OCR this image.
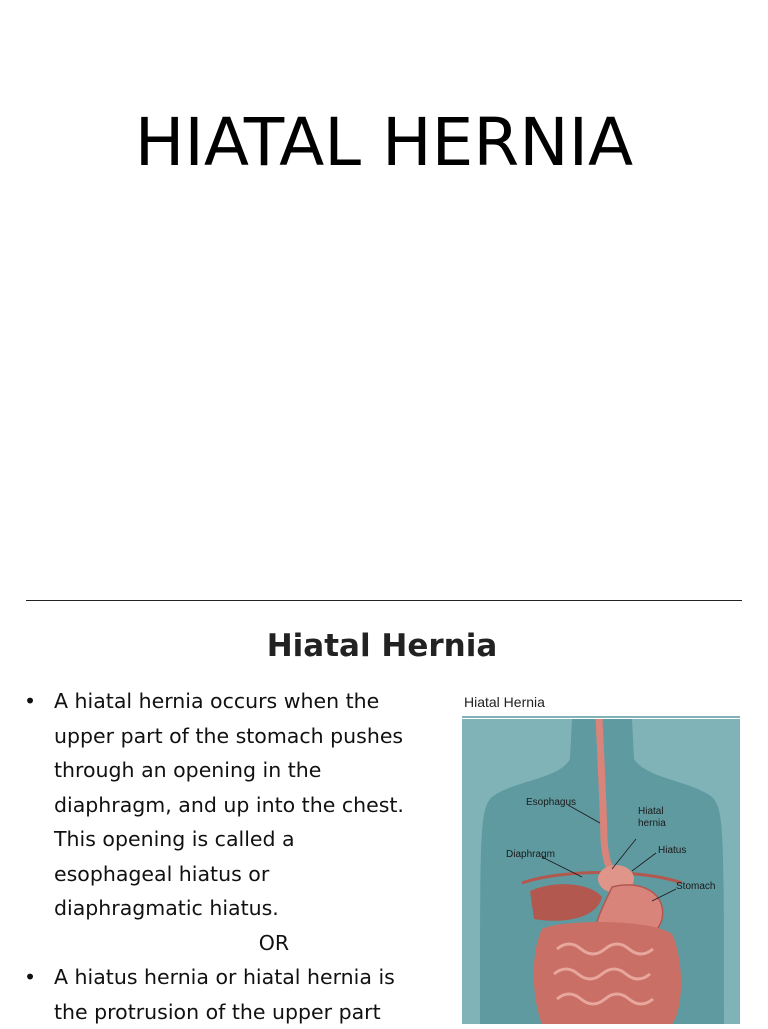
HIATAL HERNIA
Hiatal Hernia
• A hiatal hernia occurs when the
upper part of the stomach pushes
through an opening in the
diaphragm, and up into the chest.
This opening is called a
esophageal hiatus or
diaphragmatic hiatus.
OR
• A hiatus hernia or hiatal hernia is
the protrusion of the upper part
Hiatal Hernia
Esophagus
Hiatal
hernia
Hiatus
Diaphragm
Stomach
